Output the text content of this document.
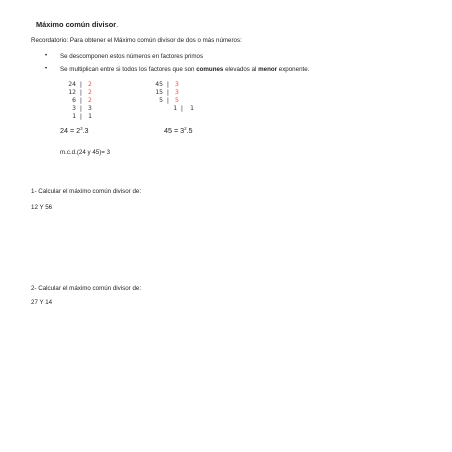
Máximo común divisor.
Recordatorio: Para obtener el Máximo común divisor de dos o más números:
• Se descomponen estos números en factores primos
• Se multiplican entre si todos los factores que son comunes elevados al menor exponente.
24 | 2
12 | 2
6 | 2
3 | 3
1 | 1
45 | 3
15 | 3
5 | 5
1 | 1
$24 = 2^3.3$	$45 = 3^2.5$
m.c.d.(24 y 45)= 3
1- Calcular el máximo común divisor de:
12 Y 56
2- Calcular el máximo común divisor de:
27 Y 14
